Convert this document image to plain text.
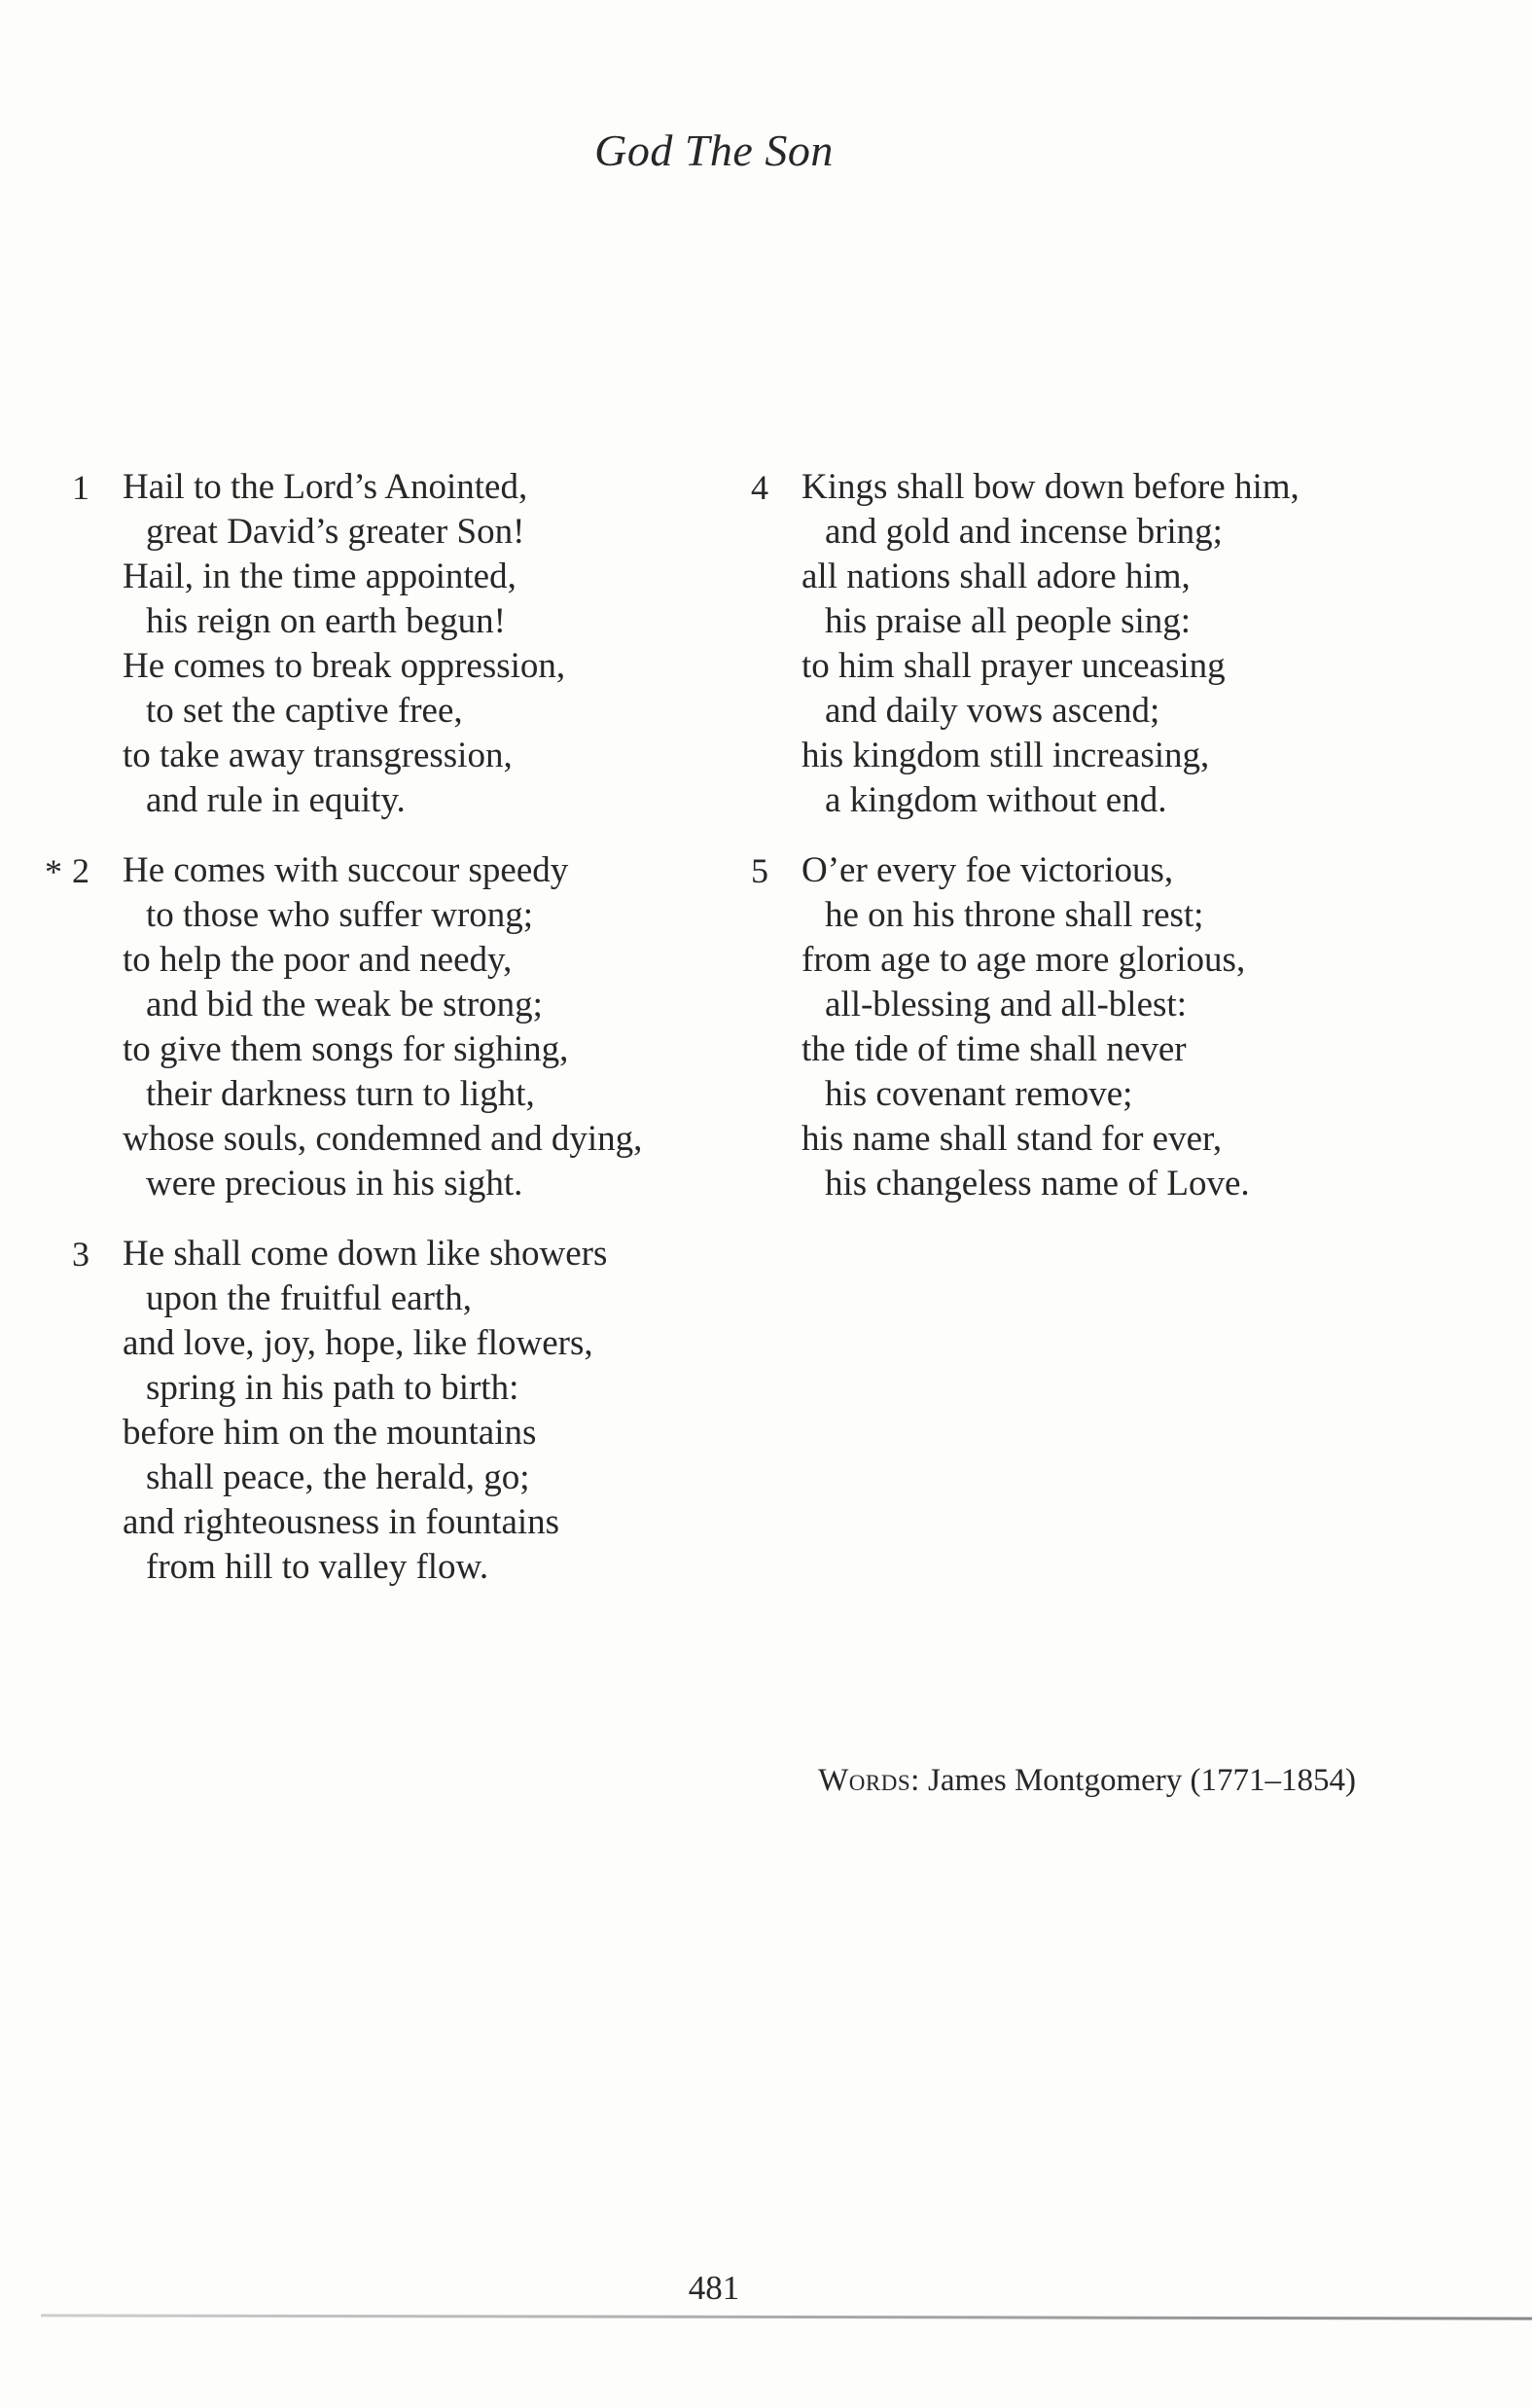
God The Son
1 Hail to the Lord’s Anointed,
great David’s greater Son!
Hail, in the time appointed,
his reign on earth begun!
He comes to break oppression,
to set the captive free,
to take away transgression,
and rule in equity.
* 2 He comes with succour speedy
to those who suffer wrong;
to help the poor and needy,
and bid the weak be strong;
to give them songs for sighing,
their darkness turn to light,
whose souls, condemned and dying,
were precious in his sight.
3 He shall come down like showers
upon the fruitful earth,
and love, joy, hope, like flowers,
spring in his path to birth:
before him on the mountains
shall peace, the herald, go;
and righteousness in fountains
from hill to valley flow.
4 Kings shall bow down before him,
and gold and incense bring;
all nations shall adore him,
his praise all people sing:
to him shall prayer unceasing
and daily vows ascend;
his kingdom still increasing,
a kingdom without end.
5 O’er every foe victorious,
he on his throne shall rest;
from age to age more glorious,
all-blessing and all-blest:
the tide of time shall never
his covenant remove;
his name shall stand for ever,
his changeless name of Love.
Words: James Montgomery (1771–1854)
481
